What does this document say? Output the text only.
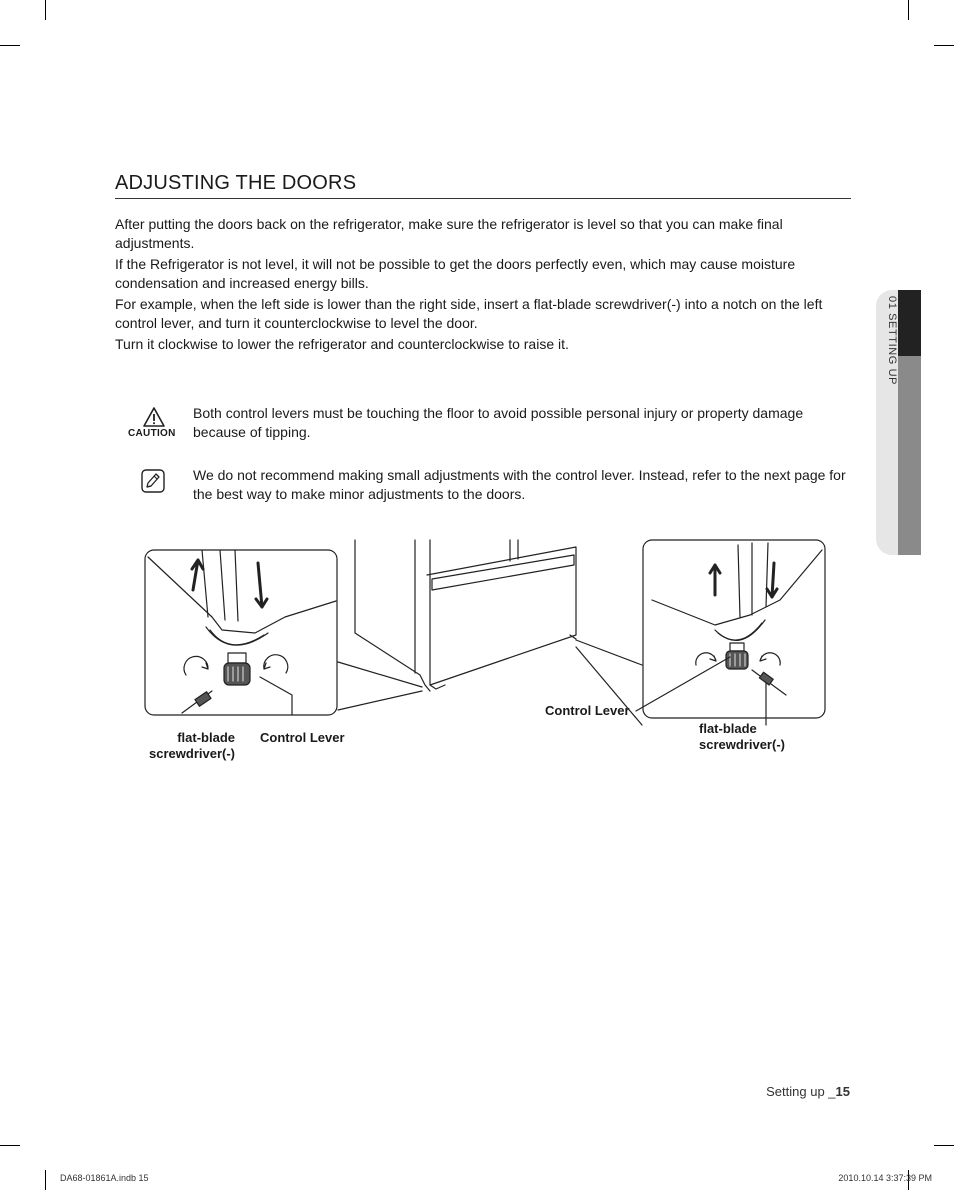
01 SETTING UP
ADJUSTING THE DOORS

After putting the doors back on the refrigerator, make sure the refrigerator is level so that you can make final adjustments.

If the Refrigerator is not level, it will not be possible to get the doors perfectly even, which may cause moisture condensation and increased energy bills.

For example, when the left side is lower than the right side, insert a flat-blade screwdriver(-) into a notch on the left control lever, and turn it counterclockwise to level the door.

Turn it clockwise to lower the refrigerator and counterclockwise to raise it.

CAUTION
Both control levers must be touching the floor to avoid possible personal injury or property damage because of tipping.
We do not recommend making small adjustments with the control lever. Instead, refer to the next page for the best way to make minor adjustments to the doors.
flat-blade
screwdriver(-)
Control Lever
Control Lever
flat-blade
screwdriver(-)
Setting up _15
DA68-01861A.indb 15	2010.10.14 3:37:39 PM
